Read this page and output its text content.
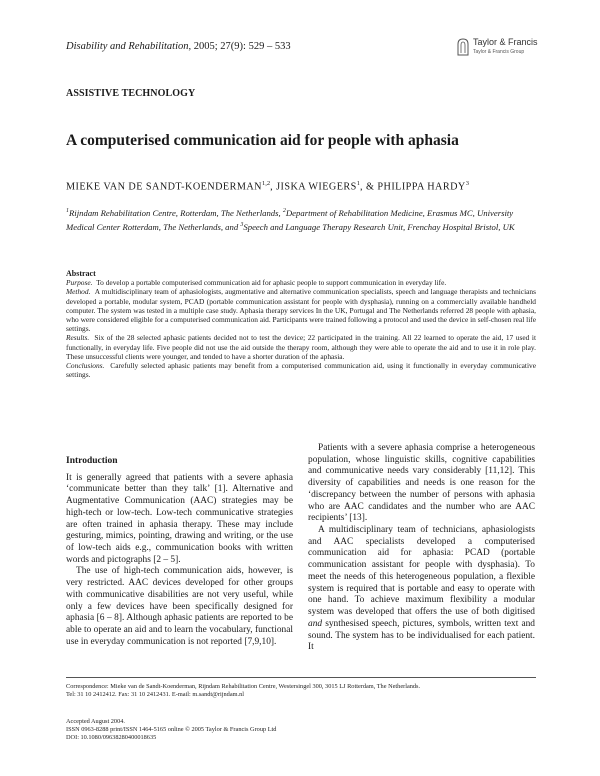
Disability and Rehabilitation, 2005; 27(9): 529 – 533	Taylor & Francis
Taylor & Francis Group
ASSISTIVE TECHNOLOGY
A computerised communication aid for people with aphasia
MIEKE VAN DE SANDT-KOENDERMAN$^{1,2}$, JISKA WIEGERS$^1$, & PHILIPPA HARDY$^3$
$^1$Rijndam Rehabilitation Centre, Rotterdam, The Netherlands, $^2$Department of Rehabilitation Medicine, Erasmus MC, University Medical Center Rotterdam, The Netherlands, and $^3$Speech and Language Therapy Research Unit, Frenchay Hospital Bristol, UK
Abstract

Purpose. To develop a portable computerised communication aid for aphasic people to support communication in everyday life.

Method. A multidisciplinary team of aphasiologists, augmentative and alternative communication specialists, speech and language therapists and technicians developed a portable, modular system, PCAD (portable communication assistant for people with dysphasia), running on a commercially available handheld computer. The system was tested in a multiple case study. Aphasia therapy services In the UK, Portugal and The Netherlands referred 28 people with aphasia, who were considered eligible for a computerised communication aid. Participants were trained following a protocol and used the device in self-chosen real life settings.

Results. Six of the 28 selected aphasic patients decided not to test the device; 22 participated in the training. All 22 learned to operate the aid, 17 used it functionally, in everyday life. Five people did not use the aid outside the therapy room, although they were able to operate the aid and to use it in role play. These unsuccessful clients were younger, and tended to have a shorter duration of the aphasia.

Conclusions. Carefully selected aphasic patients may benefit from a computerised communication aid, using it functionally in everyday communicative settings.

Introduction

It is generally agreed that patients with a severe aphasia ‘communicate better than they talk’ [1]. Alternative and Augmentative Communication (AAC) strategies may be high-tech or low-tech. Low-tech communicative strategies are often trained in aphasia therapy. These may include gesturing, mimics, pointing, drawing and writing, or the use of low-tech aids e.g., communication books with written words and pictographs [2 – 5].

The use of high-tech communication aids, however, is very restricted. AAC devices developed for other groups with communicative disabilities are not very useful, while only a few devices have been specifically designed for aphasia [6 – 8]. Although aphasic patients are reported to be able to operate an aid and to learn the vocabulary, functional use in everyday communication is not reported [7,9,10].

Patients with a severe aphasia comprise a heterogeneous population, whose linguistic skills, cognitive capabilities and communicative needs vary considerably [11,12]. This diversity of capabilities and needs is one reason for the ‘discrepancy between the number of persons with aphasia who are AAC candidates and the number who are AAC recipients’ [13].

A multidisciplinary team of technicians, aphasiologists and AAC specialists developed a computerised communication aid for aphasia: PCAD (portable communication assistant for people with dysphasia). To meet the needs of this heterogeneous population, a flexible system is required that is portable and easy to operate with one hand. To achieve maximum flexibility a modular system was developed that offers the use of both digitised and synthesised speech, pictures, symbols, written text and sound. The system has to be individualised for each patient. It

Correspondence: Mieke van de Sandt-Koenderman, Rijndam Rehabilitation Centre, Westersingel 300, 3015 LJ Rotterdam, The Netherlands.
Tel: 31 10 2412412. Fax: 31 10 2412431. E-mail: m.sandt@rijndam.nl
Accepted August 2004.
ISSN 0963-8288 print/ISSN 1464-5165 online © 2005 Taylor & Francis Group Ltd
DOI: 10.1080/09638280400018635
